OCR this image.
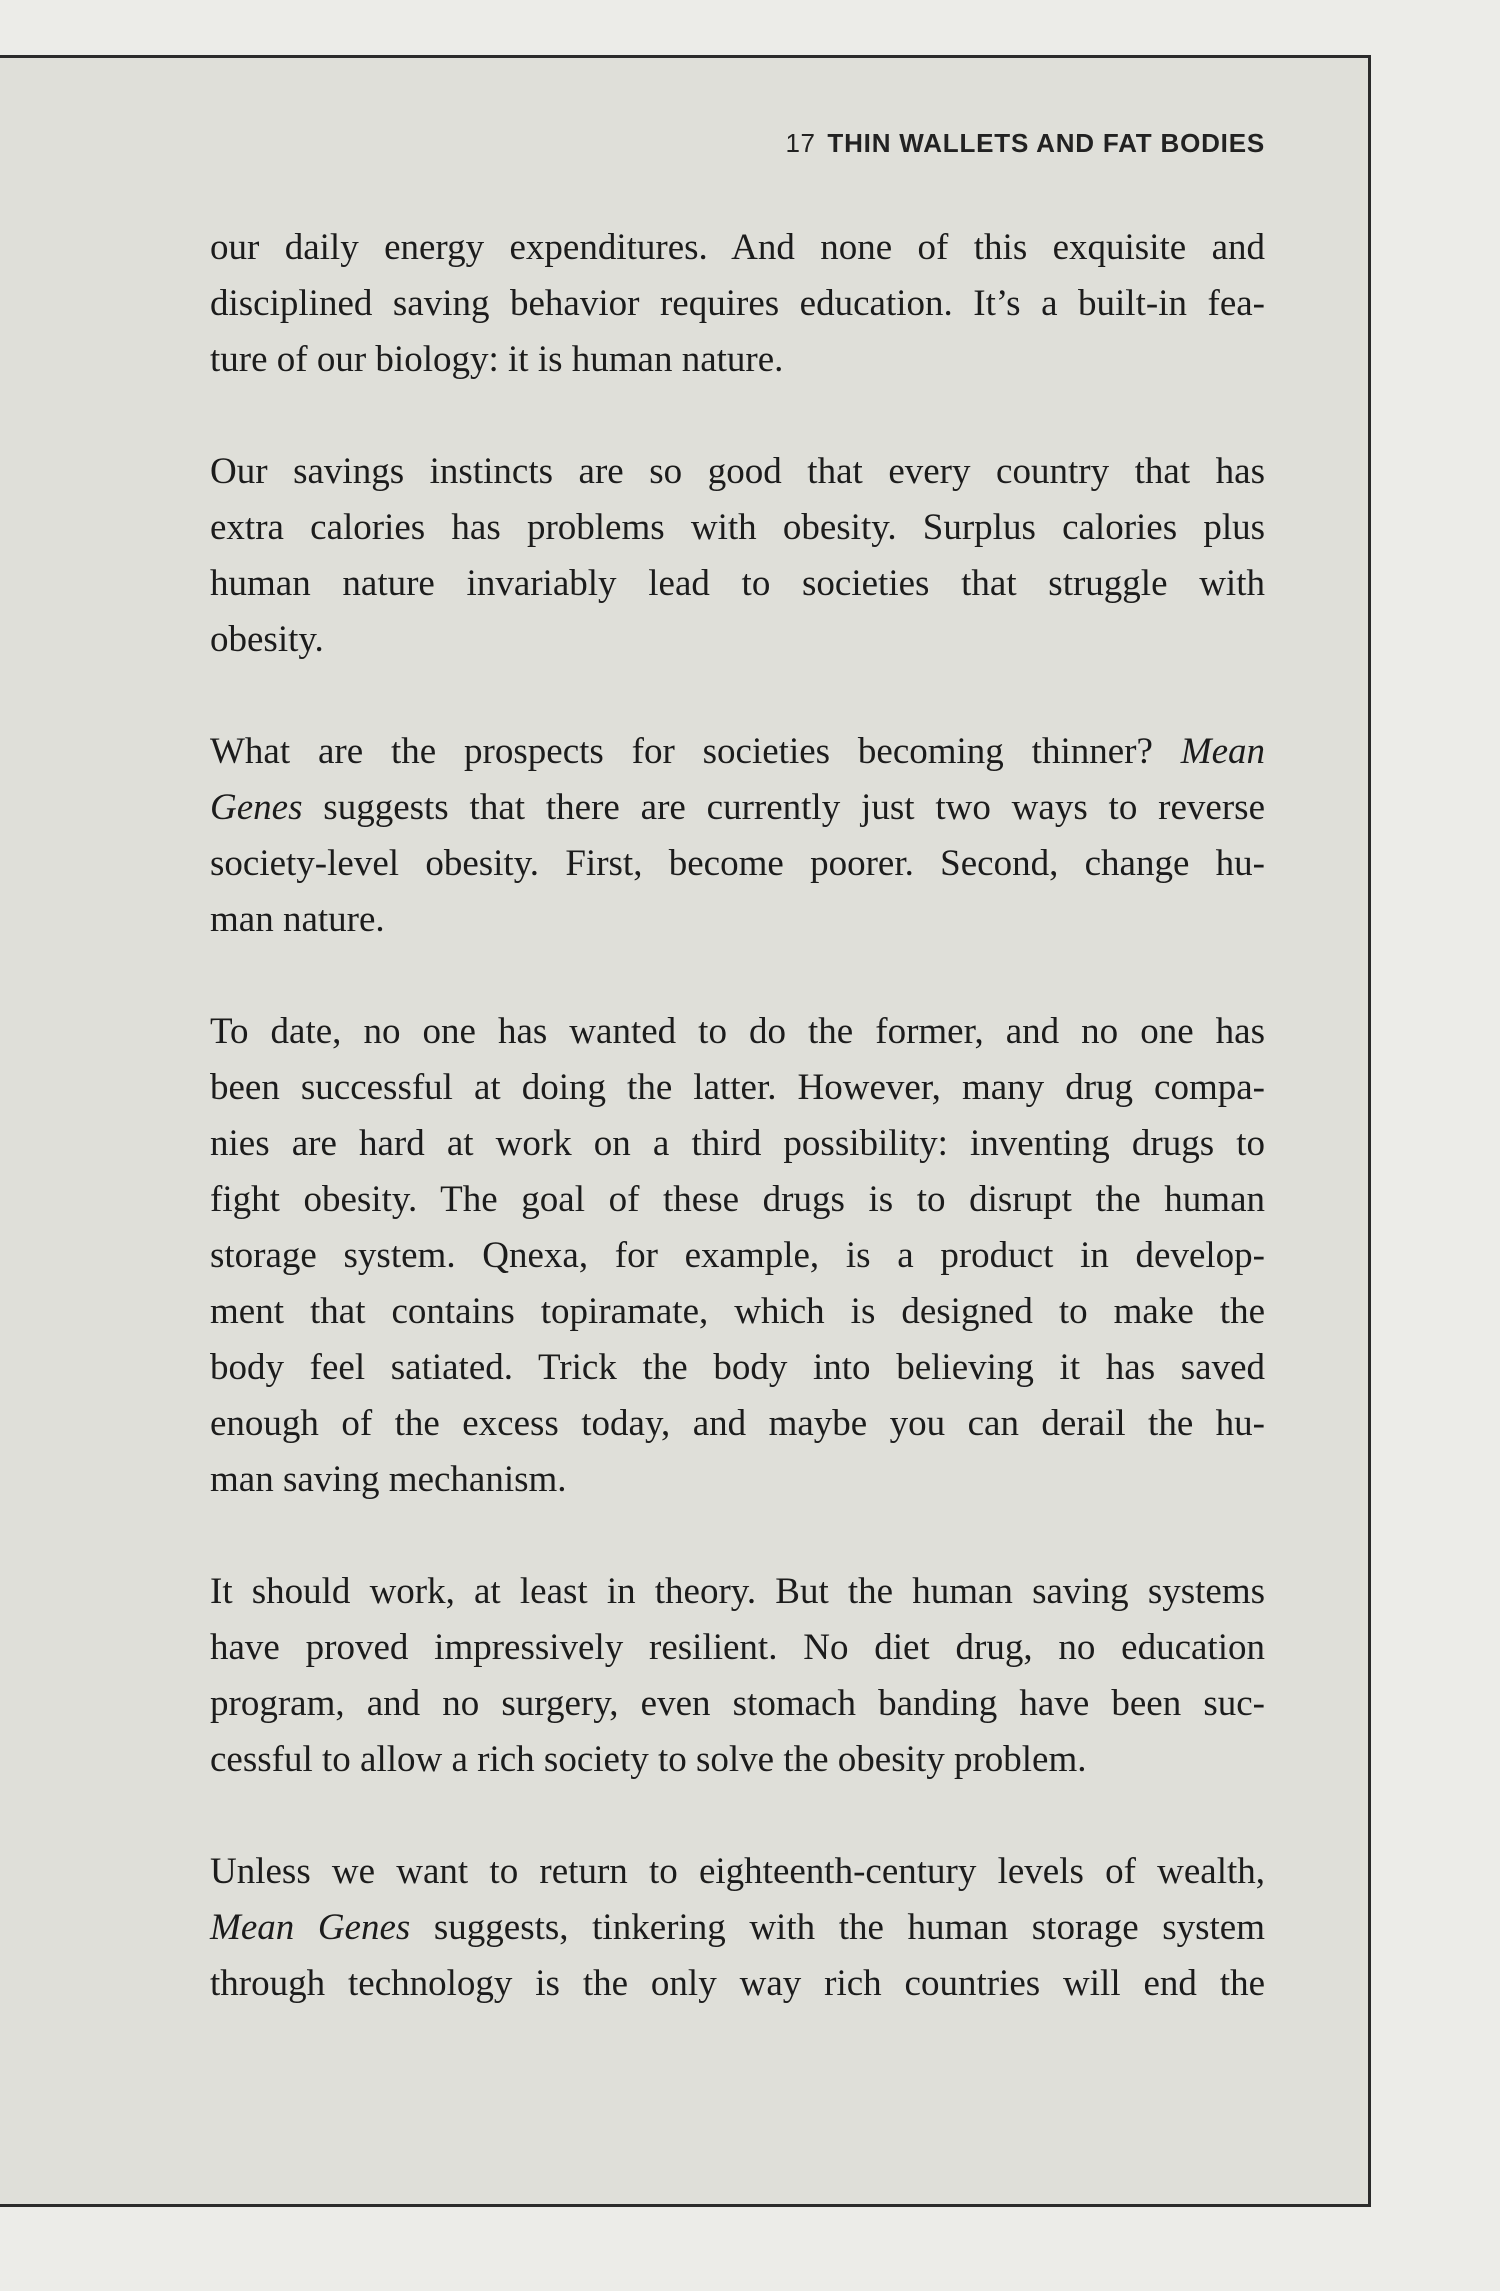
17 THIN WALLETS AND FAT BODIES

our daily energy expenditures. And none of this exquisite and
disciplined saving behavior requires education. It’s a built-in fea-
ture of our biology: it is human nature.

Our savings instincts are so good that every country that has
extra calories has problems with obesity. Surplus calories plus
human nature invariably lead to societies that struggle with
obesity.

What are the prospects for societies becoming thinner? Mean
Genes suggests that there are currently just two ways to reverse
society-level obesity. First, become poorer. Second, change hu-
man nature.

To date, no one has wanted to do the former, and no one has
been successful at doing the latter. However, many drug compa-
nies are hard at work on a third possibility: inventing drugs to
fight obesity. The goal of these drugs is to disrupt the human
storage system. Qnexa, for example, is a product in develop-
ment that contains topiramate, which is designed to make the
body feel satiated. Trick the body into believing it has saved
enough of the excess today, and maybe you can derail the hu-
man saving mechanism.

It should work, at least in theory. But the human saving systems
have proved impressively resilient. No diet drug, no education
program, and no surgery, even stomach banding have been suc-
cessful to allow a rich society to solve the obesity problem.

Unless we want to return to eighteenth-century levels of wealth,
Mean Genes suggests, tinkering with the human storage system
through technology is the only way rich countries will end the
